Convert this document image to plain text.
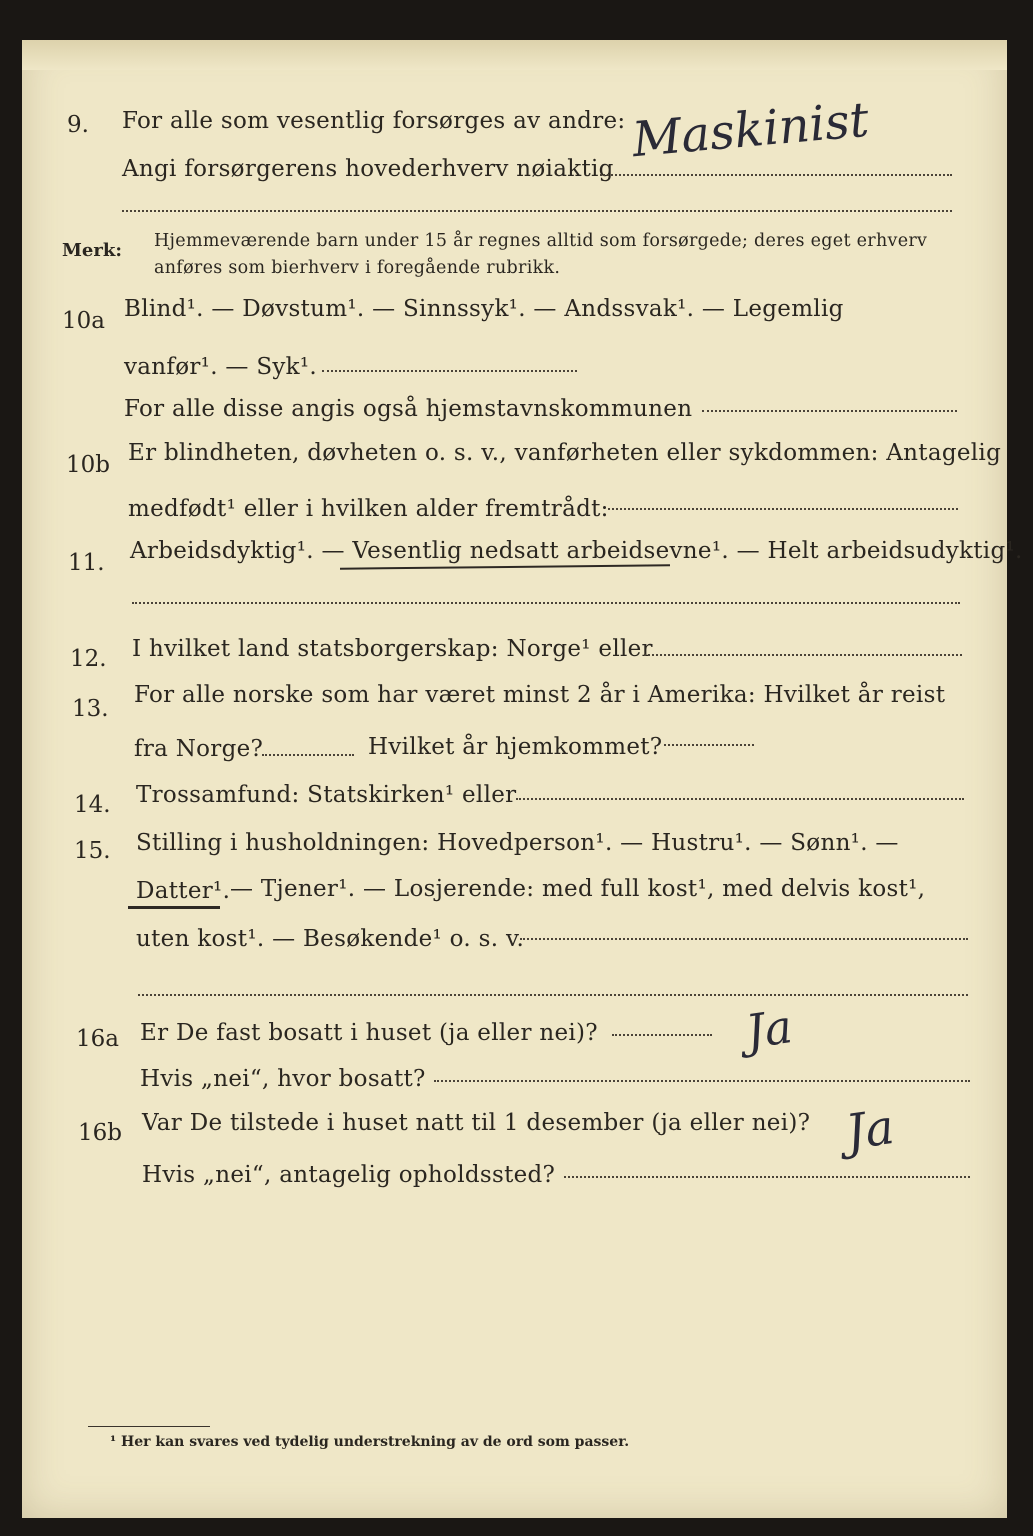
9. For alle som vesentlig forsørges av andre:
Angi forsørgerens hovederhverv nøiaktig
Maskinist
Merk: Hjemmeværende barn under 15 år regnes alltid som forsørgede; deres eget erhverv
anføres som bierhverv i foregående rubrikk.
10a Blind¹. — Døvstum¹. — Sinnssyk¹. — Andssvak¹. — Legemlig
vanfør¹. — Syk¹.
For alle disse angis også hjemstavnskommunen
10b Er blindheten, døvheten o. s. v., vanførheten eller sykdommen: Antagelig
medfødt¹ eller i hvilken alder fremtrådt:
11. Arbeidsdyktig¹. — Vesentlig nedsatt arbeidsevne¹. — Helt arbeidsudyktig¹.
12. I hvilket land statsborgerskap: Norge¹ eller
13.
For alle norske som har været minst 2 år i Amerika: Hvilket år reist
fra Norge?	Hvilket år hjemkommet?
14. Trossamfund: Statskirken¹ eller
15. Stilling i husholdningen: Hovedperson¹. — Hustru¹. — Sønn¹. —
Datter¹. — Tjener¹. — Losjerende: med full kost¹, med delvis kost¹,
uten kost¹. — Besøkende¹ o. s. v.
16a Er De fast bosatt i huset (ja eller nei)?	Ja
Hvis „nei“, hvor bosatt?
16b Var De tilstede i huset natt til 1 desember (ja eller nei)? Ja
Hvis „nei“, antagelig opholdssted?
¹ Her kan svares ved tydelig understrekning av de ord som passer.
